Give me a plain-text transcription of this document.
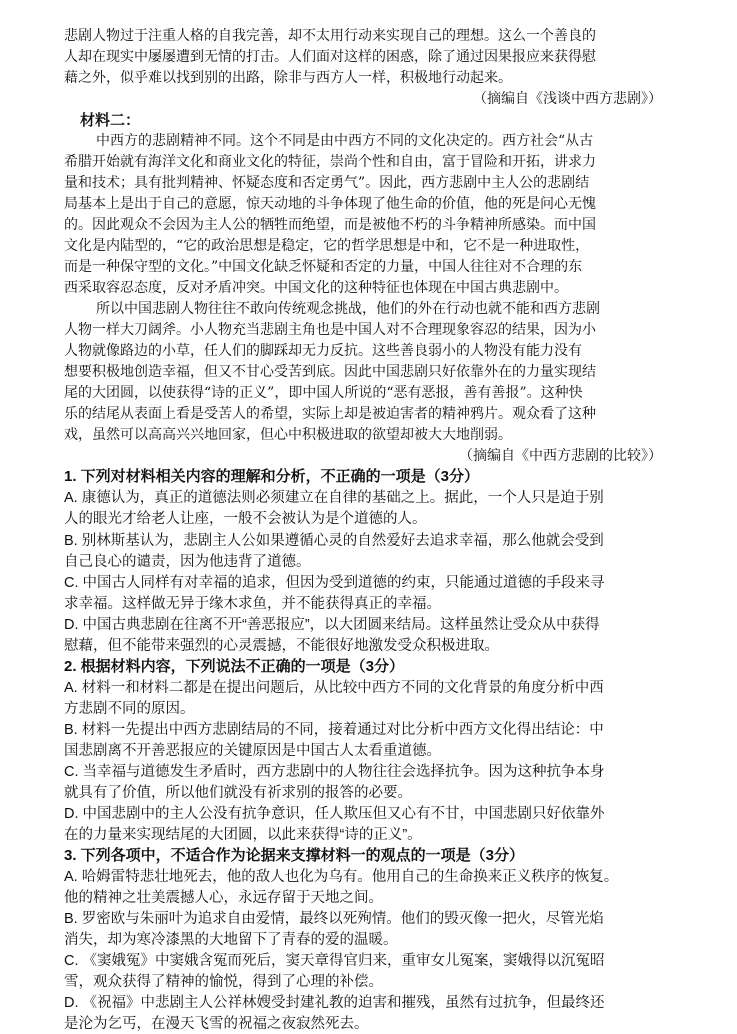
悲剧人物过于注重人格的自我完善，却不太用行动来实现自己的理想。这么一个善良的
人却在现实中屡屡遭到无情的打击。人们面对这样的困惑，除了通过因果报应来获得慰
藉之外，似乎难以找到别的出路，除非与西方人一样，积极地行动起来。
（摘编自《浅谈中西方悲剧》）
材料二：
中西方的悲剧精神不同。这个不同是由中西方不同的文化决定的。西方社会“从古
希腊开始就有海洋文化和商业文化的特征，崇尚个性和自由，富于冒险和开拓，讲求力
量和技术；具有批判精神、怀疑态度和否定勇气”。因此，西方悲剧中主人公的悲剧结
局基本上是出于自己的意愿，惊天动地的斗争体现了他生命的价值，他的死是问心无愧
的。因此观众不会因为主人公的牺牲而绝望，而是被他不朽的斗争精神所感染。而中国
文化是内陆型的，“它的政治思想是稳定，它的哲学思想是中和，它不是一种进取性，
而是一种保守型的文化。”中国文化缺乏怀疑和否定的力量，中国人往往对不合理的东
西采取容忍态度，反对矛盾冲突。中国文化的这种特征也体现在中国古典悲剧中。
所以中国悲剧人物往往不敢向传统观念挑战，他们的外在行动也就不能和西方悲剧
人物一样大刀阔斧。小人物充当悲剧主角也是中国人对不合理现象容忍的结果，因为小
人物就像路边的小草，任人们的脚踩却无力反抗。这些善良弱小的人物没有能力没有
想要积极地创造幸福，但又不甘心受苦到底。因此中国悲剧只好依靠外在的力量实现结
尾的大团圆，以使获得“诗的正义”，即中国人所说的“恶有恶报，善有善报”。这种快
乐的结尾从表面上看是受苦人的希望，实际上却是被迫害者的精神鸦片。观众看了这种
戏，虽然可以高高兴兴地回家，但心中积极进取的欲望却被大大地削弱。
（摘编自《中西方悲剧的比较》）
1. 下列对材料相关内容的理解和分析，不正确的一项是（3分）
A. 康德认为，真正的道德法则必须建立在自律的基础之上。据此，一个人只是迫于别
人的眼光才给老人让座，一般不会被认为是个道德的人。
B. 别林斯基认为，悲剧主人公如果遵循心灵的自然爱好去追求幸福，那么他就会受到
自己良心的谴责，因为他违背了道德。
C. 中国古人同样有对幸福的追求，但因为受到道德的约束，只能通过道德的手段来寻
求幸福。这样做无异于缘木求鱼，并不能获得真正的幸福。
D. 中国古典悲剧在往离不开“善恶报应”，以大团圆来结局。这样虽然让受众从中获得
慰藉，但不能带来强烈的心灵震撼，不能很好地激发受众积极进取。
2. 根据材料内容，下列说法不正确的一项是（3分）
A. 材料一和材料二都是在提出问题后，从比较中西方不同的文化背景的角度分析中西
方悲剧不同的原因。
B. 材料一先提出中西方悲剧结局的不同，接着通过对比分析中西方文化得出结论：中
国悲剧离不开善恶报应的关键原因是中国古人太看重道德。
C. 当幸福与道德发生矛盾时，西方悲剧中的人物往往会选择抗争。因为这种抗争本身
就具有了价值，所以他们就没有祈求别的报答的必要。
D. 中国悲剧中的主人公没有抗争意识，任人欺压但又心有不甘，中国悲剧只好依靠外
在的力量来实现结尾的大团圆，以此来获得“诗的正义”。
3. 下列各项中，不适合作为论据来支撑材料一的观点的一项是（3分）
A. 哈姆雷特悲壮地死去，他的敌人也化为乌有。他用自己的生命换来正义秩序的恢复。
他的精神之壮美震撼人心，永远存留于天地之间。
B. 罗密欧与朱丽叶为追求自由爱情，最终以死殉情。他们的毁灭像一把火，尽管光焰
消失，却为寒冷漆黑的大地留下了青春的爱的温暖。
C. 《窦娥冤》中窦娥含冤而死后，窦天章得官归来，重审女儿冤案，窦娥得以沉冤昭
雪，观众获得了精神的愉悦，得到了心理的补偿。
D. 《祝福》中悲剧主人公祥林嫂受封建礼教的迫害和摧残，虽然有过抗争，但最终还
是沦为乞丐，在漫天飞雪的祝福之夜寂然死去。
